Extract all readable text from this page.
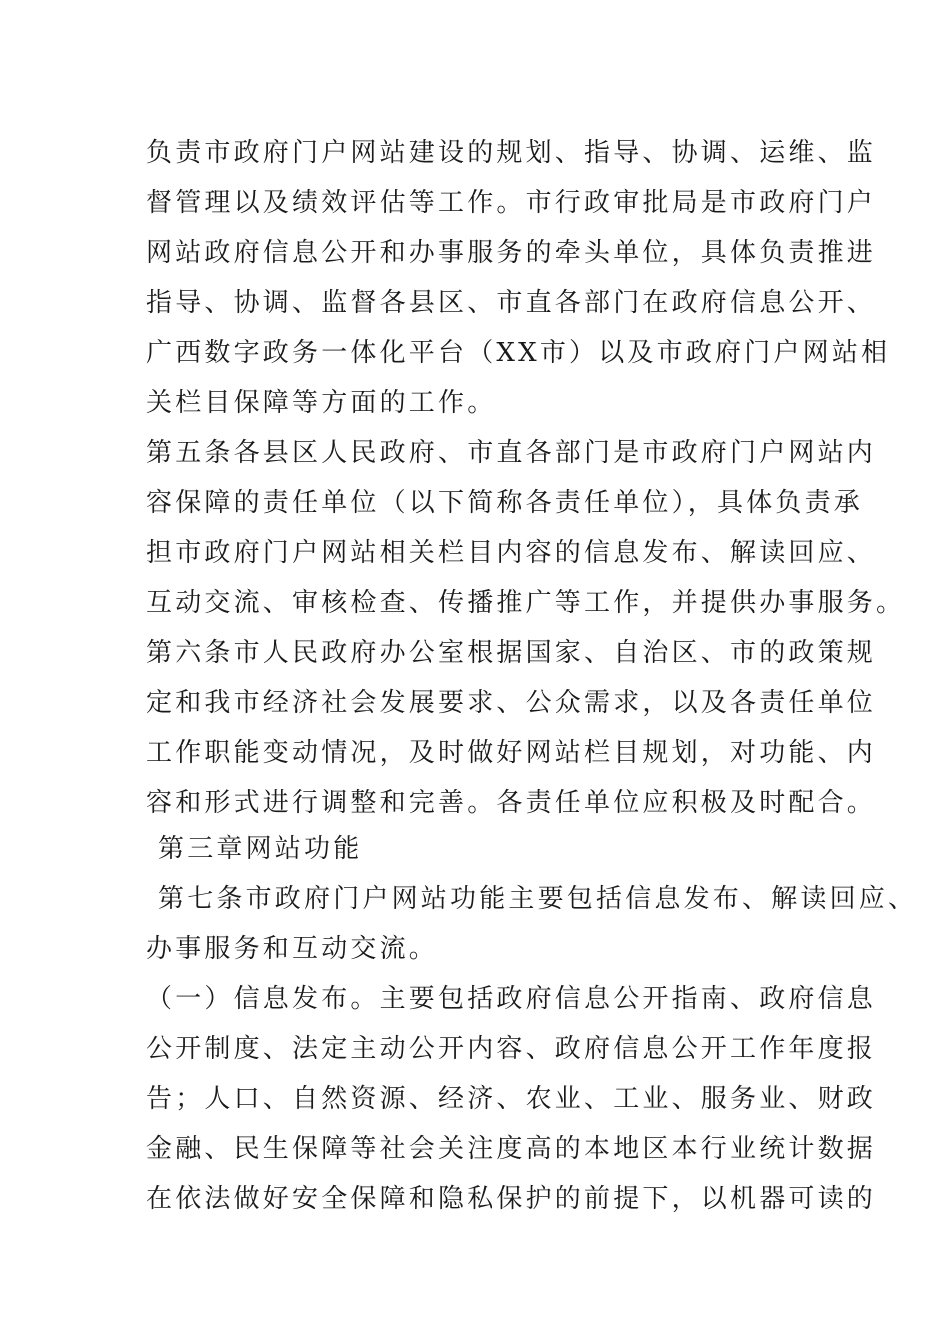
负责市政府门户网站建设的规划、指导、协调、运维、监
督管理以及绩效评估等工作。市行政审批局是市政府门户
网站政府信息公开和办事服务的牵头单位，具体负责推进
指导、协调、监督各县区、市直各部门在政府信息公开、
广西数字政务一体化平台（XX市）以及市政府门户网站相
关栏目保障等方面的工作。
第五条各县区人民政府、市直各部门是市政府门户网站内
容保障的责任单位（以下简称各责任单位），具体负责承
担市政府门户网站相关栏目内容的信息发布、解读回应、
互动交流、审核检查、传播推广等工作，并提供办事服务。
第六条市人民政府办公室根据国家、自治区、市的政策规
定和我市经济社会发展要求、公众需求，以及各责任单位
工作职能变动情况，及时做好网站栏目规划，对功能、内
容和形式进行调整和完善。各责任单位应积极及时配合。
第三章网站功能
第七条市政府门户网站功能主要包括信息发布、解读回应、
办事服务和互动交流。
（一）信息发布。主要包括政府信息公开指南、政府信息
公开制度、法定主动公开内容、政府信息公开工作年度报
告；人口、自然资源、经济、农业、工业、服务业、财政
金融、民生保障等社会关注度高的本地区本行业统计数据
在依法做好安全保障和隐私保护的前提下，以机器可读的
